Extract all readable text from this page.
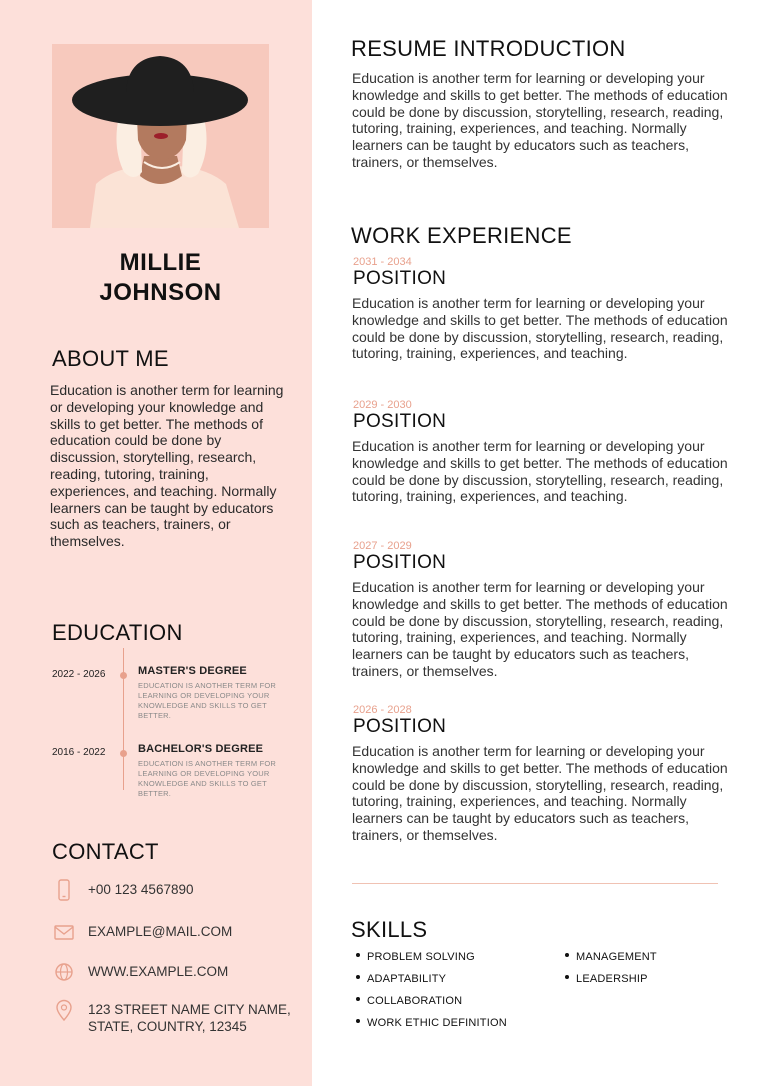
MILLIE
JOHNSON
ABOUT ME
Education is another term for learning or developing your knowledge and skills to get better. The methods of education could be done by discussion, storytelling, research, reading, tutoring, training, experiences, and teaching. Normally learners can be taught by educators such as teachers, trainers, or themselves.
EDUCATION
2022 - 2026	MASTER'S DEGREE
EDUCATION IS ANOTHER TERM FOR LEARNING OR DEVELOPING YOUR KNOWLEDGE AND SKILLS TO GET BETTER.
2016 - 2022	BACHELOR'S DEGREE
EDUCATION IS ANOTHER TERM FOR LEARNING OR DEVELOPING YOUR KNOWLEDGE AND SKILLS TO GET BETTER.
CONTACT
+00 123 4567890
EXAMPLE@MAIL.COM
WWW.EXAMPLE.COM
123 STREET NAME CITY NAME, STATE, COUNTRY, 12345
RESUME INTRODUCTION
Education is another term for learning or developing your knowledge and skills to get better. The methods of education could be done by discussion, storytelling, research, reading, tutoring, training, experiences, and teaching. Normally learners can be taught by educators such as teachers, trainers, or themselves.
WORK EXPERIENCE
2031 - 2034
POSITION
Education is another term for learning or developing your knowledge and skills to get better. The methods of education could be done by discussion, storytelling, research, reading, tutoring, training, experiences, and teaching.
2029 - 2030
POSITION
Education is another term for learning or developing your knowledge and skills to get better. The methods of education could be done by discussion, storytelling, research, reading, tutoring, training, experiences, and teaching.
2027 - 2029
POSITION
Education is another term for learning or developing your knowledge and skills to get better. The methods of education could be done by discussion, storytelling, research, reading, tutoring, training, experiences, and teaching. Normally learners can be taught by educators such as teachers, trainers, or themselves.
2026 - 2028
POSITION
Education is another term for learning or developing your knowledge and skills to get better. The methods of education could be done by discussion, storytelling, research, reading, tutoring, training, experiences, and teaching. Normally learners can be taught by educators such as teachers, trainers, or themselves.
SKILLS
PROBLEM SOLVING
ADAPTABILITY
COLLABORATION
WORK ETHIC DEFINITION
MANAGEMENT
LEADERSHIP
